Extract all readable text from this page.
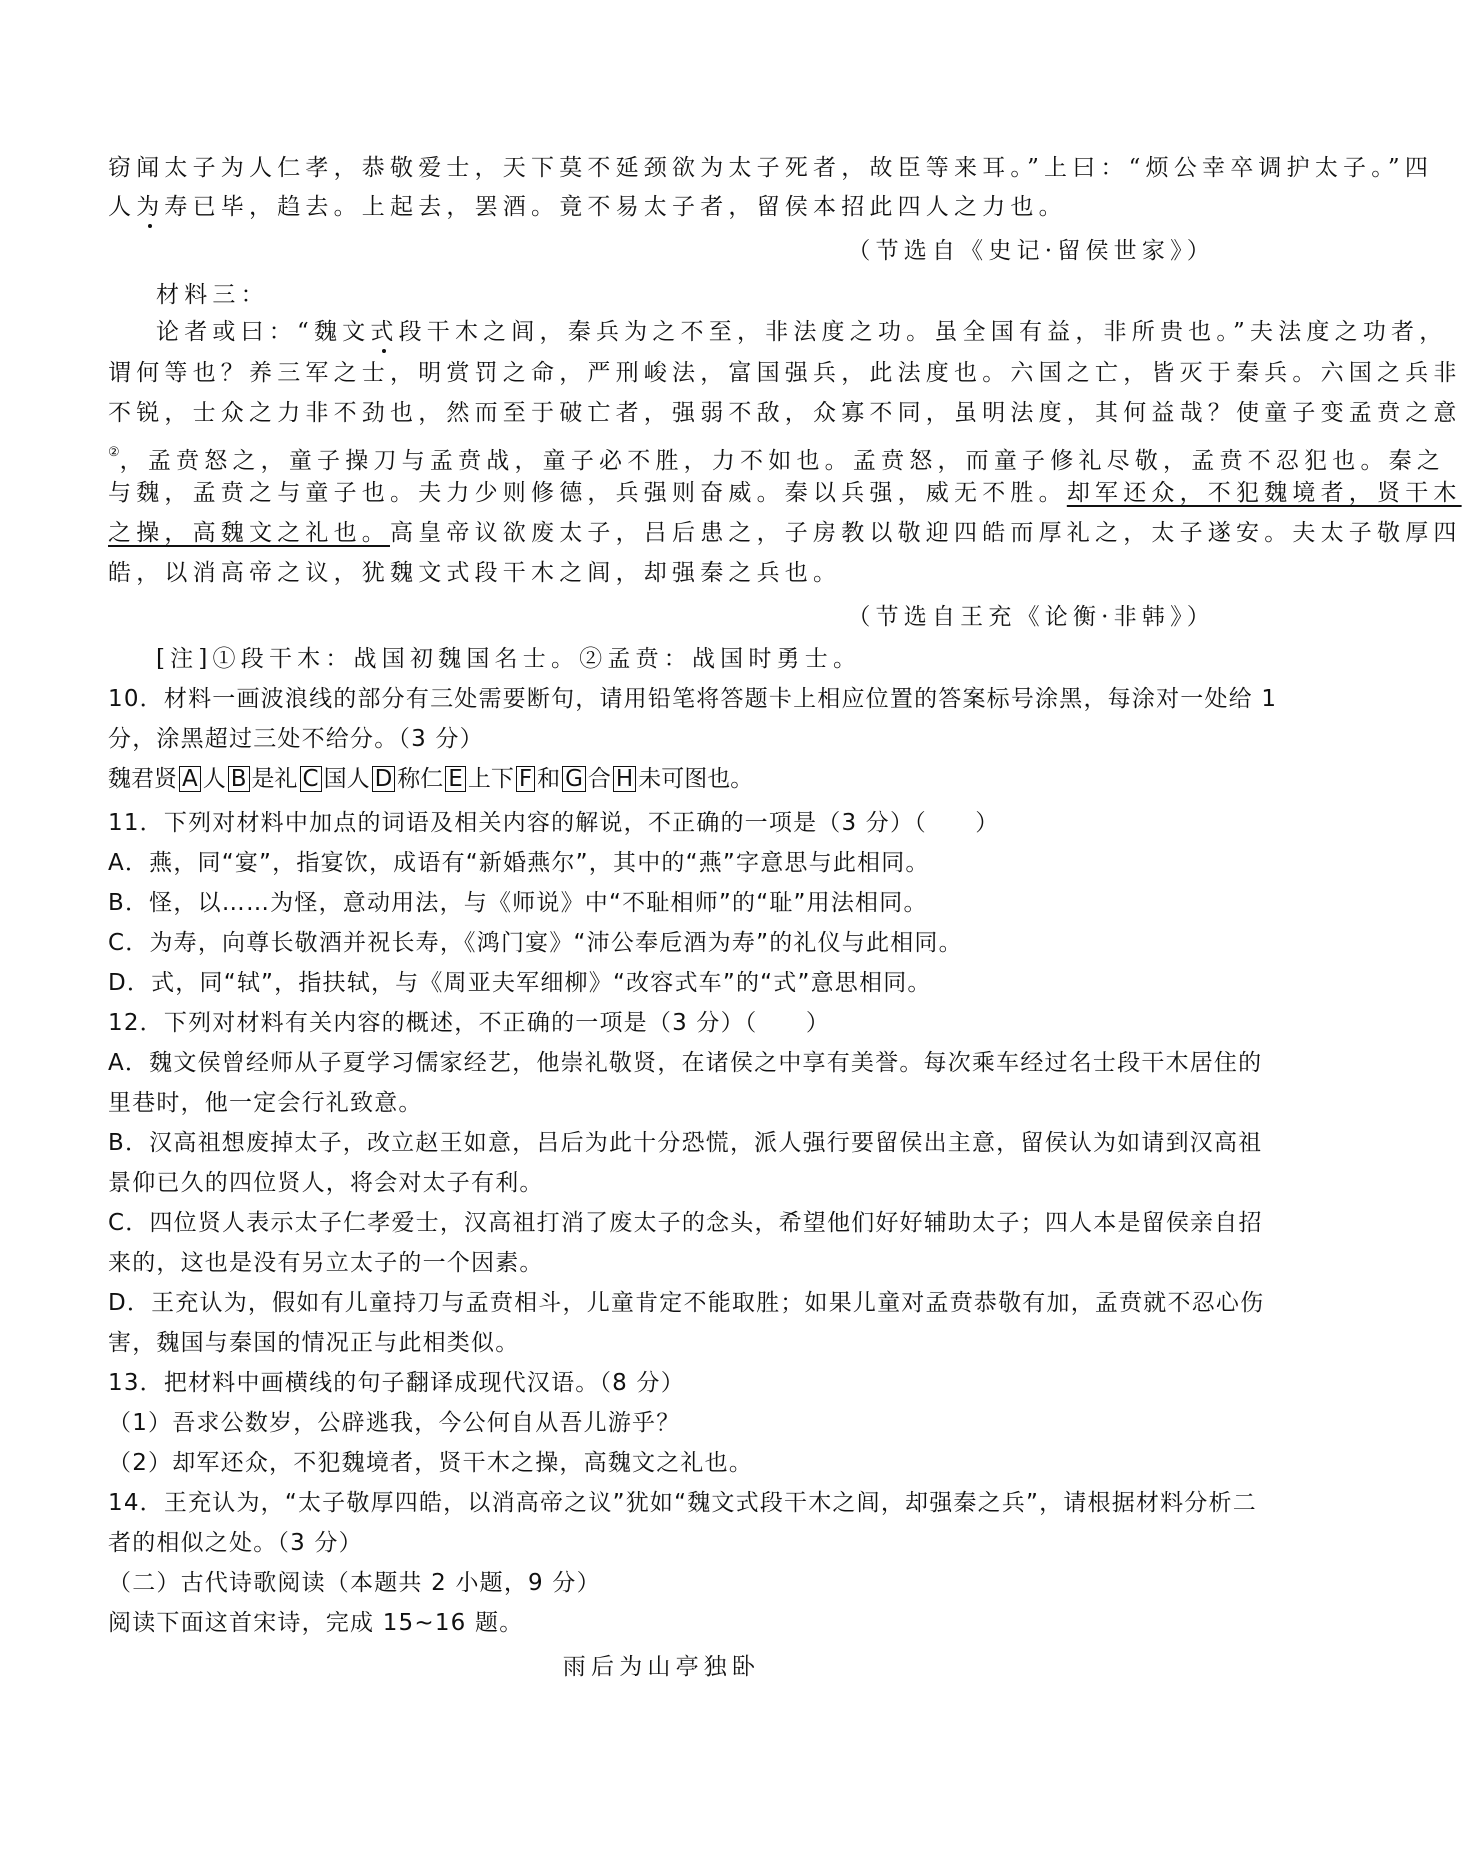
窃闻太子为人仁孝，恭敬爱士，天下莫不延颈欲为太子死者，故臣等来耳。”上曰：“烦公幸卒调护太子。”四
人为寿已毕，趋去。上起去，罢酒。竟不易太子者，留侯本招此四人之力也。
（节选自《史记·留侯世家》）
材料三：
论者或曰：“魏文式段干木之闾，秦兵为之不至，非法度之功。虽全国有益，非所贵也。”夫法度之功者，
谓何等也？养三军之士，明赏罚之命，严刑峻法，富国强兵，此法度也。六国之亡，皆灭于秦兵。六国之兵非
不锐，士众之力非不劲也，然而至于破亡者，强弱不敌，众寡不同，虽明法度，其何益哉？使童子变孟贲之意
②，孟贲怒之，童子操刀与孟贲战，童子必不胜，力不如也。孟贲怒，而童子修礼尽敬，孟贲不忍犯也。秦之
与魏，孟贲之与童子也。夫力少则修德，兵强则奋威。秦以兵强，威无不胜。却军还众，不犯魏境者，贤干木
之操，高魏文之礼也。高皇帝议欲废太子，吕后患之，子房教以敬迎四皓而厚礼之，太子遂安。夫太子敬厚四
皓，以消高帝之议，犹魏文式段干木之闾，却强秦之兵也。
（节选自王充《论衡·非韩》）
[注]①段干木：战国初魏国名士。②孟贲：战国时勇士。
10．材料一画波浪线的部分有三处需要断句，请用铅笔将答题卡上相应位置的答案标号涂黑，每涂对一处给 1
分，涂黑超过三处不给分。（3 分）
魏君贤 A 人 B 是礼 C 国人 D 称仁 E 上下 F 和 G 合 H 未可图也。
11．下列对材料中加点的词语及相关内容的解说，不正确的一项是（3 分）（　　）
A．燕，同“宴”，指宴饮，成语有“新婚燕尔”，其中的“燕”字意思与此相同。
B．怪，以……为怪，意动用法，与《师说》中“不耻相师”的“耻”用法相同。
C．为寿，向尊长敬酒并祝长寿，《鸿门宴》“沛公奉卮酒为寿”的礼仪与此相同。
D．式，同“轼”，指扶轼，与《周亚夫军细柳》“改容式车”的“式”意思相同。
12．下列对材料有关内容的概述，不正确的一项是（3 分）（　　）
A．魏文侯曾经师从子夏学习儒家经艺，他崇礼敬贤，在诸侯之中享有美誉。每次乘车经过名士段干木居住的
里巷时，他一定会行礼致意。
B．汉高祖想废掉太子，改立赵王如意，吕后为此十分恐慌，派人强行要留侯出主意，留侯认为如请到汉高祖
景仰已久的四位贤人，将会对太子有利。
C．四位贤人表示太子仁孝爱士，汉高祖打消了废太子的念头，希望他们好好辅助太子；四人本是留侯亲自招
来的，这也是没有另立太子的一个因素。
D．王充认为，假如有儿童持刀与孟贲相斗，儿童肯定不能取胜；如果儿童对孟贲恭敬有加，孟贲就不忍心伤
害，魏国与秦国的情况正与此相类似。
13．把材料中画横线的句子翻译成现代汉语。（8 分）
（1）吾求公数岁，公辟逃我，今公何自从吾儿游乎？
（2）却军还众，不犯魏境者，贤干木之操，高魏文之礼也。
14．王充认为，“太子敬厚四皓，以消高帝之议”犹如“魏文式段干木之闾，却强秦之兵”，请根据材料分析二
者的相似之处。（3 分）
（二）古代诗歌阅读（本题共 2 小题，9 分）
阅读下面这首宋诗，完成 15~16 题。
雨后为山亭独卧
